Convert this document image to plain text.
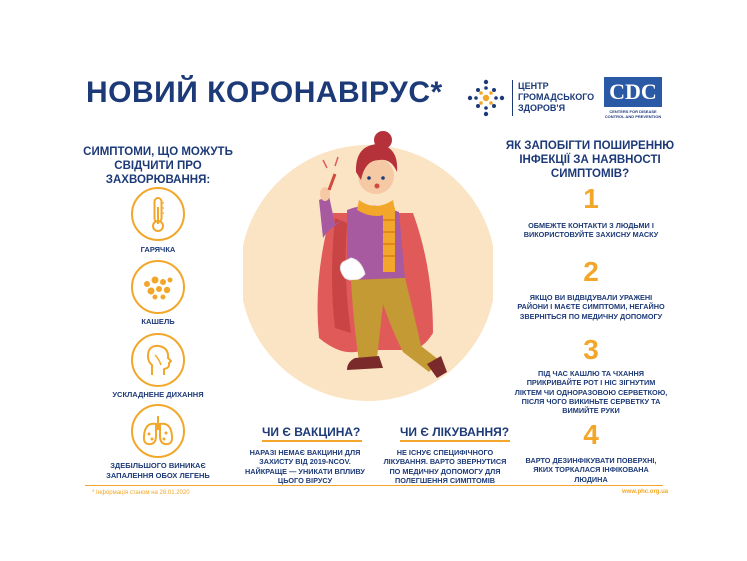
НОВИЙ КОРОНАВІРУС*	ЦЕНТР
ГРОМАДСЬКОГО
ЗДОРОВ'Я
CDC
CENTERS FOR DISEASE
CONTROL AND PREVENTION
СИМПТОМИ, ЩО МОЖУТЬ СВІДЧИТИ ПРО ЗАХВОРЮВАННЯ:
ГАРЯЧКА
КАШЕЛЬ
УСКЛАДНЕНЕ ДИХАННЯ
ЗДЕБІЛЬШОГО ВИНИКАЄ ЗАПАЛЕННЯ ОБОХ ЛЕГЕНЬ
ЧИ Є ВАКЦИНА?
НАРАЗІ НЕМАЄ ВАКЦИНИ ДЛЯ ЗАХИСТУ ВІД 2019-NCOV. НАЙКРАЩЕ — УНИКАТИ ВПЛИВУ ЦЬОГО ВІРУСУ
ЧИ Є ЛІКУВАННЯ?
НЕ ІСНУЄ СПЕЦИФІЧНОГО ЛІКУВАННЯ. ВАРТО ЗВЕРНУТИСЯ ПО МЕДИЧНУ ДОПОМОГУ ДЛЯ ПОЛЕГШЕННЯ СИМПТОМІВ
ЯК ЗАПОБІГТИ ПОШИРЕННЮ ІНФЕКЦІЇ ЗА НАЯВНОСТІ СИМПТОМІВ?
1
ОБМЕЖТЕ КОНТАКТИ З ЛЮДЬМИ І ВИКОРИСТОВУЙТЕ ЗАХИСНУ МАСКУ
2
ЯКЩО ВИ ВІДВІДУВАЛИ УРАЖЕНІ РАЙОНИ І МАЄТЕ СИМПТОМИ, НЕГАЙНО ЗВЕРНІТЬСЯ ПО МЕДИЧНУ ДОПОМОГУ
3
ПІД ЧАС КАШЛЮ ТА ЧХАННЯ ПРИКРИВАЙТЕ РОТ І НІС ЗІГНУТИМ ЛІКТЕМ ЧИ ОДНОРАЗОВОЮ СЕРВЕТКОЮ, ПІСЛЯ ЧОГО ВИКИНЬТЕ СЕРВЕТКУ ТА ВИМИЙТЕ РУКИ
4
ВАРТО ДЕЗИНФІКУВАТИ ПОВЕРХНІ, ЯКИХ ТОРКАЛАСЯ ІНФІКОВАНА ЛЮДИНА
* Інформація станом на 28.01.2020	www.phc.org.ua
